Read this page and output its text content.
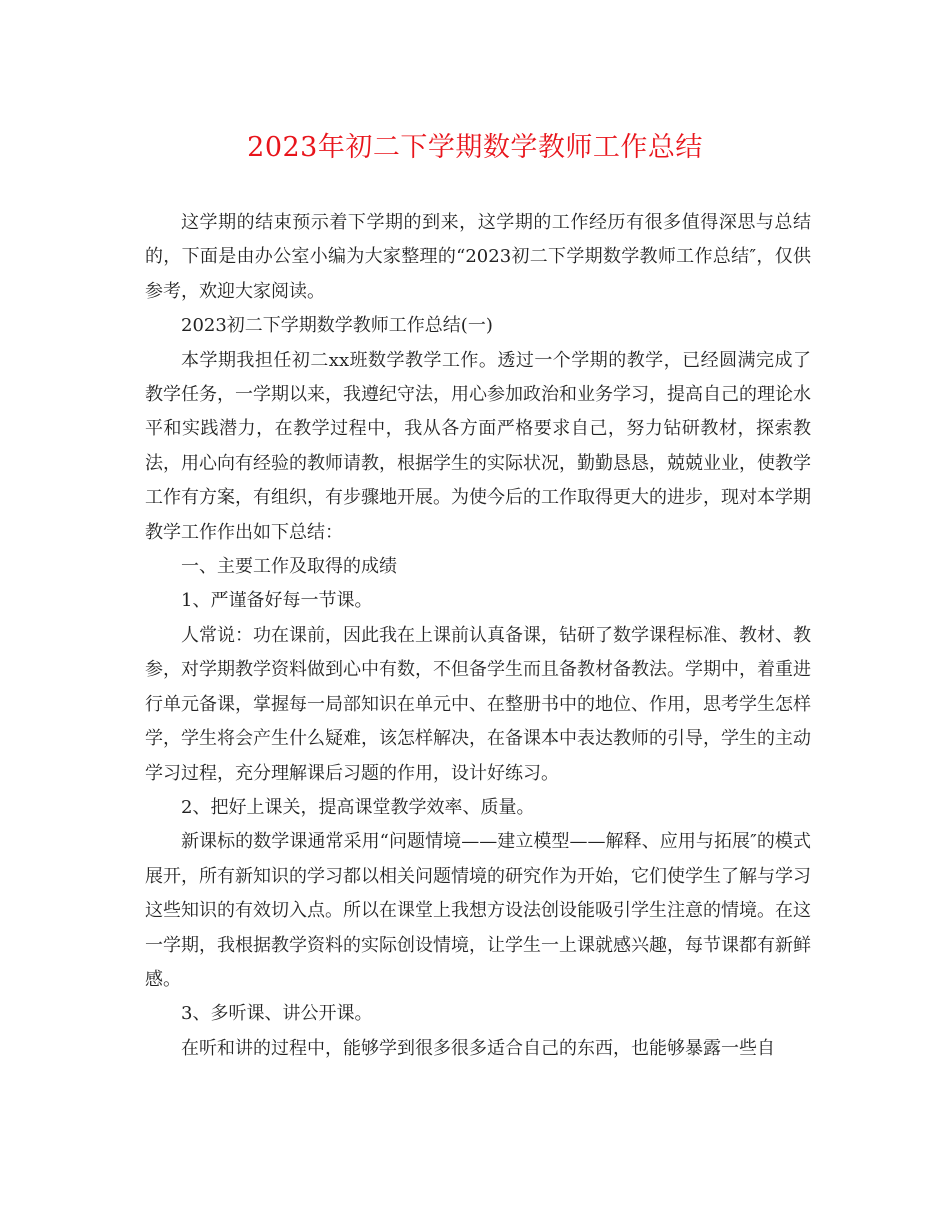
2023年初二下学期数学教师工作总结

这学期的结束预示着下学期的到来，这学期的工作经历有很多值得深思与总结的，下面是由办公室小编为大家整理的“2023初二下学期数学教师工作总结″，仅供参考，欢迎大家阅读。

2023初二下学期数学教师工作总结(一)

本学期我担任初二xx班数学教学工作。透过一个学期的教学，已经圆满完成了教学任务，一学期以来，我遵纪守法，用心参加政治和业务学习，提高自己的理论水平和实践潜力，在教学过程中，我从各方面严格要求自己，努力钻研教材，探索教法，用心向有经验的教师请教，根据学生的实际状况，勤勤恳恳，兢兢业业，使教学工作有方案，有组织，有步骤地开展。为使今后的工作取得更大的进步，现对本学期教学工作作出如下总结：

一、主要工作及取得的成绩

1、严谨备好每一节课。

人常说：功在课前，因此我在上课前认真备课，钻研了数学课程标准、教材、教参，对学期教学资料做到心中有数，不但备学生而且备教材备教法。学期中，着重进行单元备课，掌握每一局部知识在单元中、在整册书中的地位、作用，思考学生怎样学，学生将会产生什么疑难，该怎样解决，在备课本中表达教师的引导，学生的主动学习过程，充分理解课后习题的作用，设计好练习。

2、把好上课关，提高课堂教学效率、质量。

新课标的数学课通常采用“问题情境——建立模型——解释、应用与拓展″的模式展开，所有新知识的学习都以相关问题情境的研究作为开始，它们使学生了解与学习这些知识的有效切入点。所以在课堂上我想方设法创设能吸引学生注意的情境。在这一学期，我根据教学资料的实际创设情境，让学生一上课就感兴趣，每节课都有新鲜感。

3、多听课、讲公开课。

在听和讲的过程中，能够学到很多很多适合自己的东西，也能够暴露一些自
